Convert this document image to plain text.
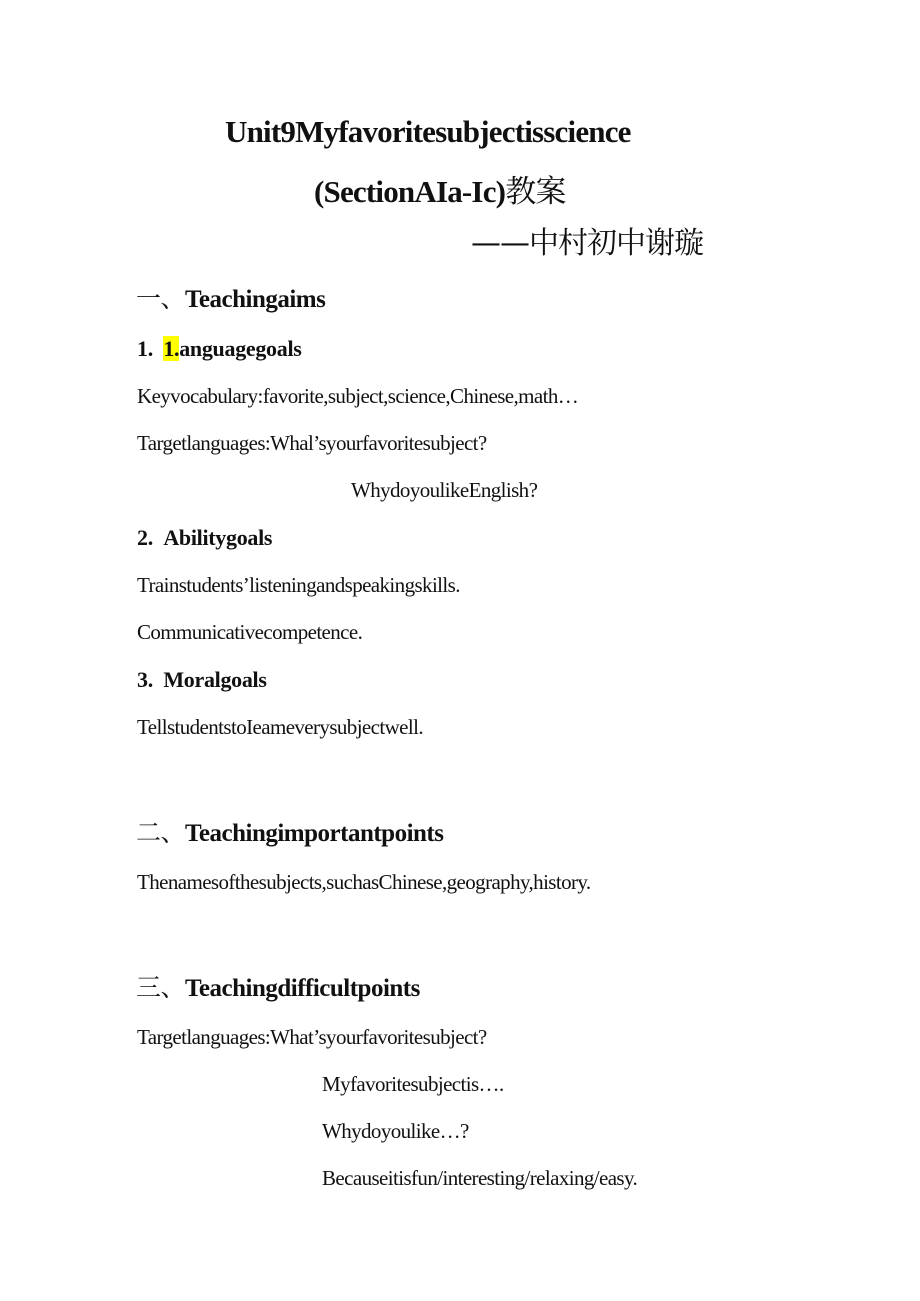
Unit9Myfavoritesubjectisscience
(SectionAIa-Ic)教案
——中村初中谢璇
一、Teachingaims
1. 1.anguagegoals
Keyvocabulary:favorite,subject,science,Chinese,math…
Targetlanguages:Whal’syourfavoritesubject?
WhydoyoulikeEnglish?
2. Abilitygoals
Trainstudents’listeningandspeakingskills.
Communicativecompetence.
3. Moralgoals
TellstudentstoIeameverysubjectwell.
二、Teachingimportantpoints
Thenamesofthesubjects,suchasChinese,geography,history.
三、Teachingdifficultpoints
Targetlanguages:What’syourfavoritesubject?
Myfavoritesubjectis….
Whydoyoulike…?
Becauseitisfun/interesting/relaxing/easy.
